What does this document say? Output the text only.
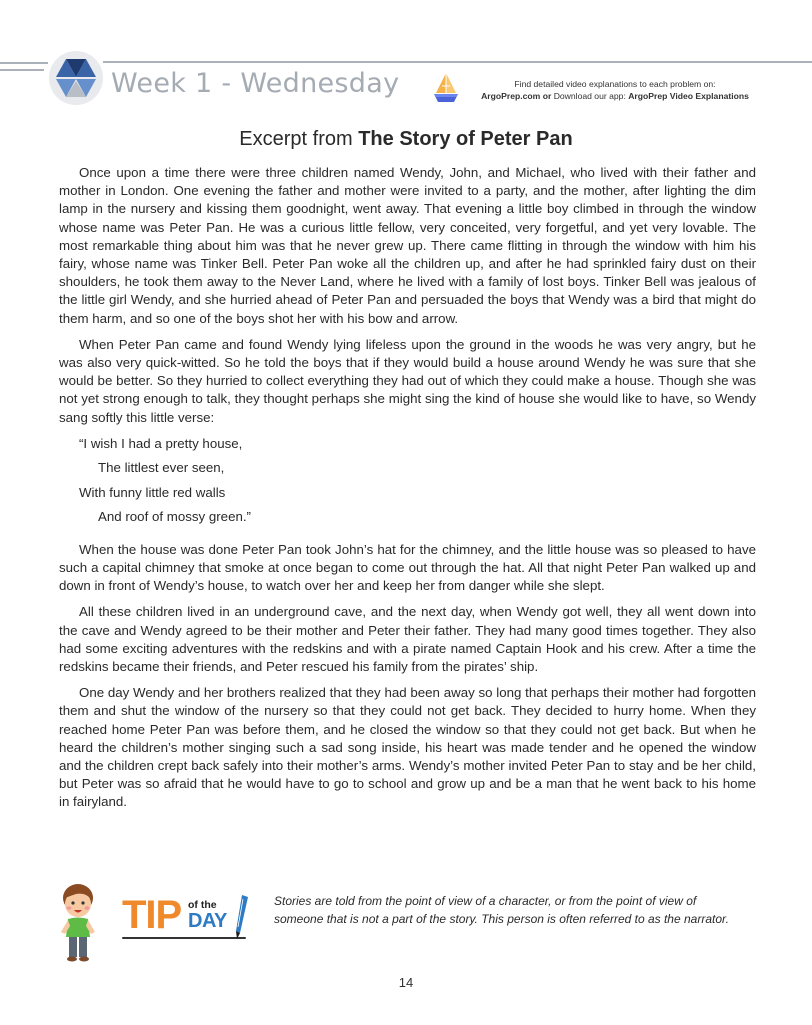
Week 1 - Wednesday	Find detailed video explanations to each problem on:
ArgoPrep.com or Download our app: ArgoPrep Video Explanations
Excerpt from The Story of Peter Pan

Once upon a time there were three children named Wendy, John, and Michael, who lived with their father and mother in London. One evening the father and mother were invited to a party, and the mother, after lighting the dim lamp in the nursery and kissing them goodnight, went away. That evening a little boy climbed in through the window whose name was Peter Pan. He was a curious little fellow, very conceited, very forgetful, and yet very lovable. The most remarkable thing about him was that he never grew up. There came flitting in through the window with him his fairy, whose name was Tinker Bell. Peter Pan woke all the children up, and after he had sprinkled fairy dust on their shoulders, he took them away to the Never Land, where he lived with a family of lost boys. Tinker Bell was jealous of the little girl Wendy, and she hurried ahead of Peter Pan and persuaded the boys that Wendy was a bird that might do them harm, and so one of the boys shot her with his bow and arrow.

When Peter Pan came and found Wendy lying lifeless upon the ground in the woods he was very angry, but he was also very quick-witted. So he told the boys that if they would build a house around Wendy he was sure that she would be better. So they hurried to collect everything they had out of which they could make a house. Though she was not yet strong enough to talk, they thought perhaps she might sing the kind of house she would like to have, so Wendy sang softly this little verse:

“I wish I had a pretty house,
The littlest ever seen,
With funny little red walls
And roof of mossy green.”

When the house was done Peter Pan took John’s hat for the chimney, and the little house was so pleased to have such a capital chimney that smoke at once began to come out through the hat. All that night Peter Pan walked up and down in front of Wendy’s house, to watch over her and keep her from danger while she slept.

All these children lived in an underground cave, and the next day, when Wendy got well, they all went down into the cave and Wendy agreed to be their mother and Peter their father. They had many good times together. They also had some exciting adventures with the redskins and with a pirate named Captain Hook and his crew. After a time the redskins became their friends, and Peter rescued his family from the pirates’ ship.

One day Wendy and her brothers realized that they had been away so long that perhaps their mother had forgotten them and shut the window of the nursery so that they could not get back. They decided to hurry home. When they reached home Peter Pan was before them, and he closed the window so that they could not get back. But when he heard the children’s mother singing such a sad song inside, his heart was made tender and he opened the window and the children crept back safely into their mother’s arms. Wendy’s mother invited Peter Pan to stay and be her child, but Peter was so afraid that he would have to go to school and grow up and be a man that he went back to his home in fairyland.

TIP of the
DAY
Stories are told from the point of view of a character, or from the point of view of someone that is not a part of the story. This person is often referred to as the narrator.
14
